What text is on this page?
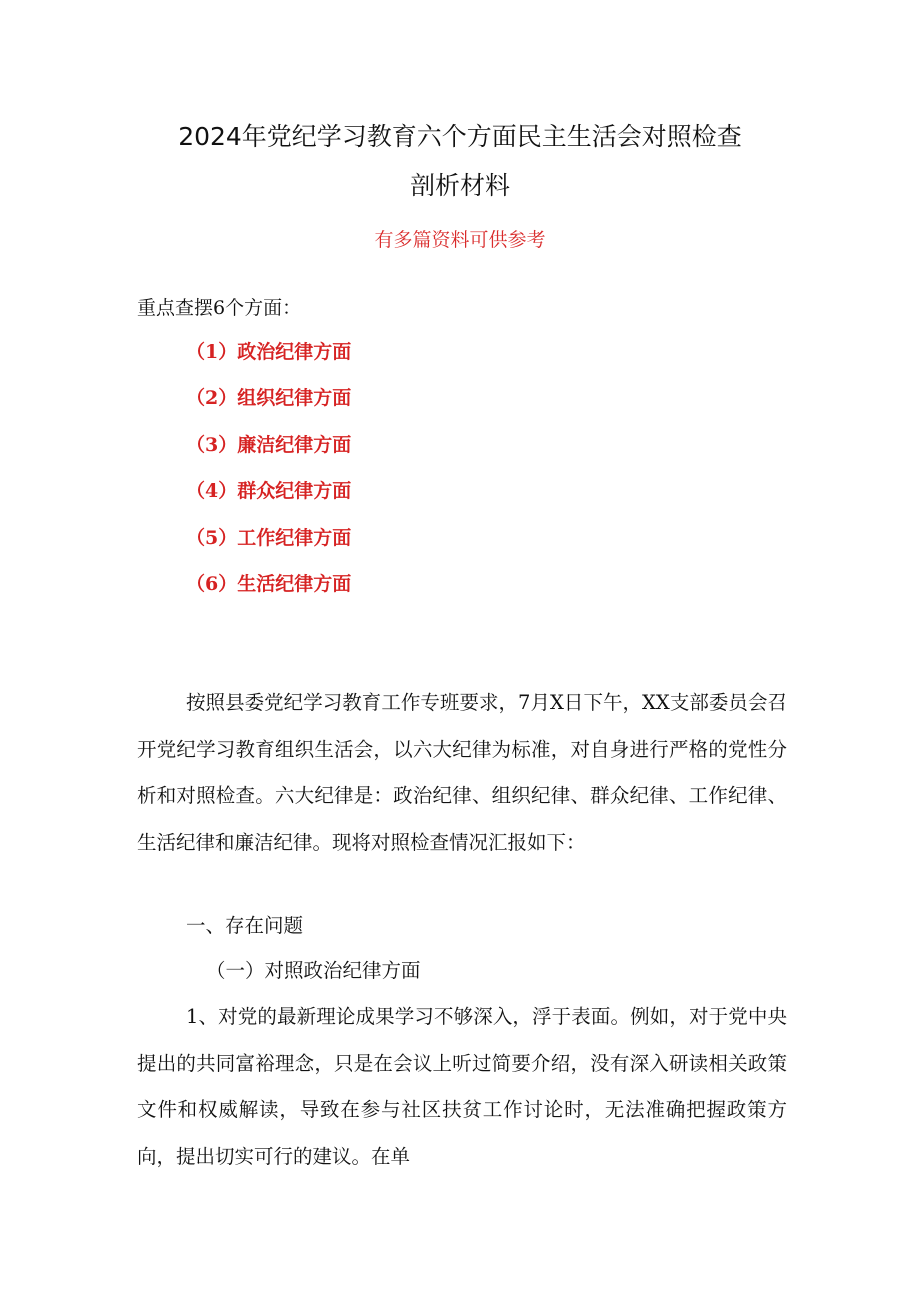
2024年党纪学习教育六个方面民主生活会对照检查
剖析材料
有多篇资料可供参考
重点查摆6个方面：
（1）政治纪律方面
（2）组织纪律方面
（3）廉洁纪律方面
（4）群众纪律方面
（5）工作纪律方面
（6）生活纪律方面

按照县委党纪学习教育工作专班要求，7月X日下午，XX支部委员会召开党纪学习教育组织生活会，以六大纪律为标准，对自身进行严格的党性分析和对照检查。六大纪律是：政治纪律、组织纪律、群众纪律、工作纪律、生活纪律和廉洁纪律。现将对照检查情况汇报如下：

一、存在问题

（一）对照政治纪律方面

1、对党的最新理论成果学习不够深入，浮于表面。例如，对于党中央提出的共同富裕理念，只是在会议上听过简要介绍，没有深入研读相关政策文件和权威解读，导致在参与社区扶贫工作讨论时，无法准确把握政策方向，提出切实可行的建议。在单
